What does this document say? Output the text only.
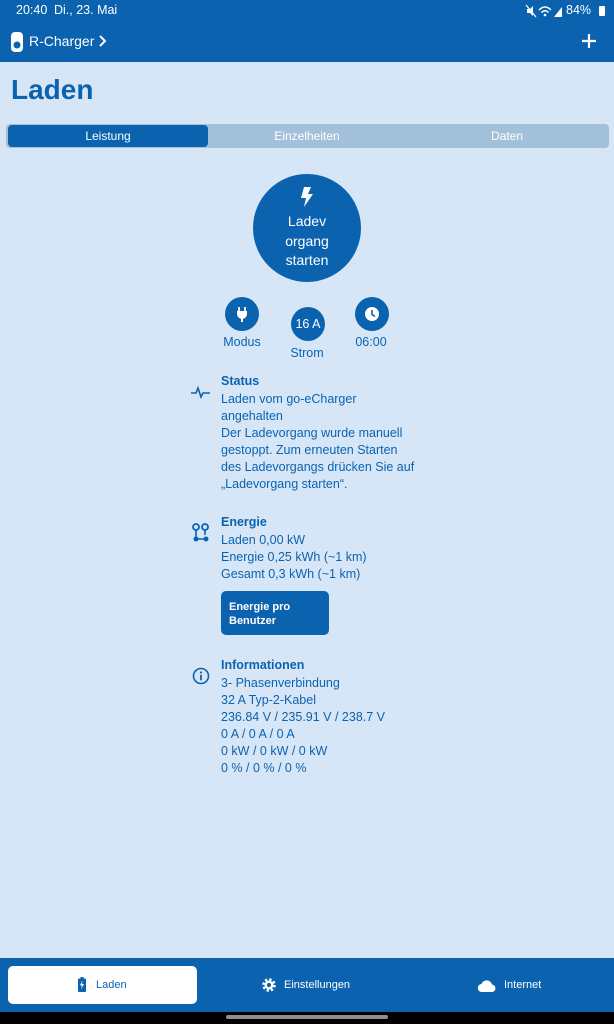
20:40 Di., 23. Mai	84%
R-Charger
Laden
Leistung	Einzelheiten	Daten
Ladev
organg
starten
Modus
16 A
Strom
06:00
Status
Laden vom go-eCharger
angehalten
Der Ladevorgang wurde manuell
gestoppt. Zum erneuten Starten
des Ladevorgangs drücken Sie auf
„Ladevorgang starten“.
Energie
Laden 0,00 kW
Energie 0,25 kWh (~1 km)
Gesamt 0,3 kWh (~1 km)
Energie pro
Benutzer
Informationen
3- Phasenverbindung
32 A Typ-2-Kabel
236.84 V / 235.91 V / 238.7 V
0 A / 0 A / 0 A
0 kW / 0 kW / 0 kW
0 % / 0 % / 0 %
Laden	Einstellungen	Internet
